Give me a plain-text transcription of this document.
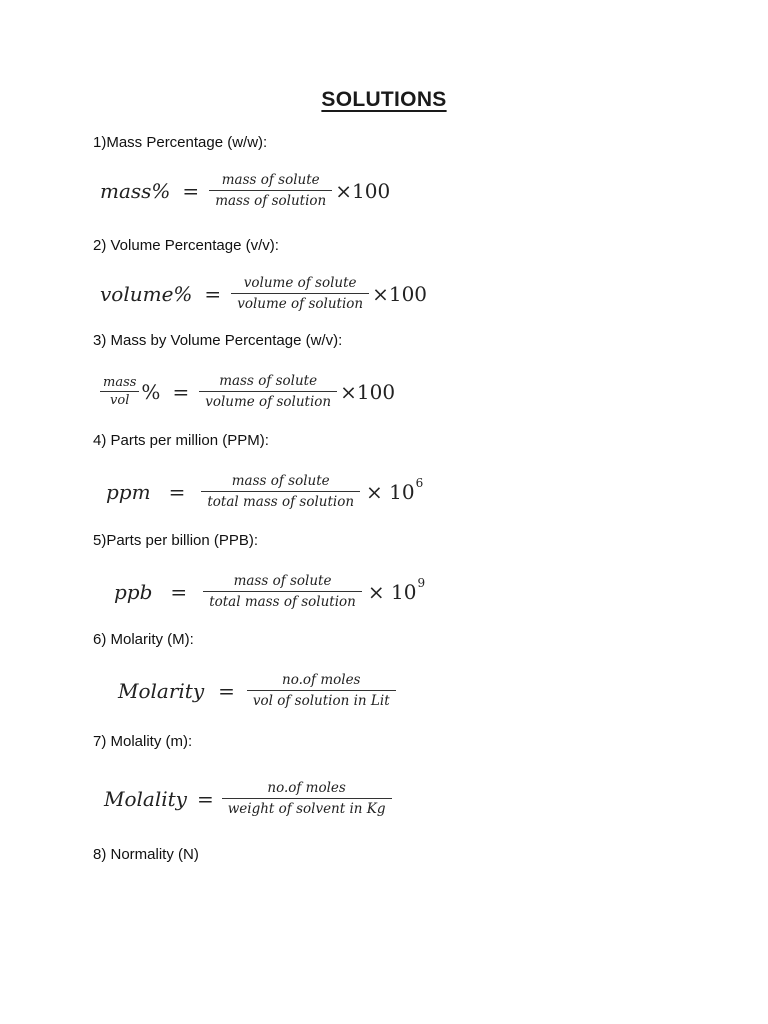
SOLUTIONS
1)Mass Percentage (w/w):
mass% = $\frac{\text{mass of solute}}{\text{mass of solution}} \times 100$
2) Volume Percentage (v/v):
volume% = $\frac{\text{volume of solute}}{\text{volume of solution}} \times 100$
3) Mass by Volume Percentage (w/v):
$\frac{\text{mass}}{\text{vol}}$ % = $\frac{\text{mass of solute}}{\text{volume of solution}} \times 100$
4) Parts per million (PPM):
ppm = $\frac{\text{mass of solute}}{\text{total mass of solution}} \times 10$ 6
5)Parts per billion (PPB):
ppb = $\frac{\text{mass of solute}}{\text{total mass of solution}} \times 10$ 9
6) Molarity (M):
Molarity = $\frac{\text{no.of moles}}{\text{vol of solution in Lit}}$
7) Molality (m):
Molality = $\frac{\text{no.of moles}}{\text{weight of solvent in Kg}}$
8) Normality (N)
